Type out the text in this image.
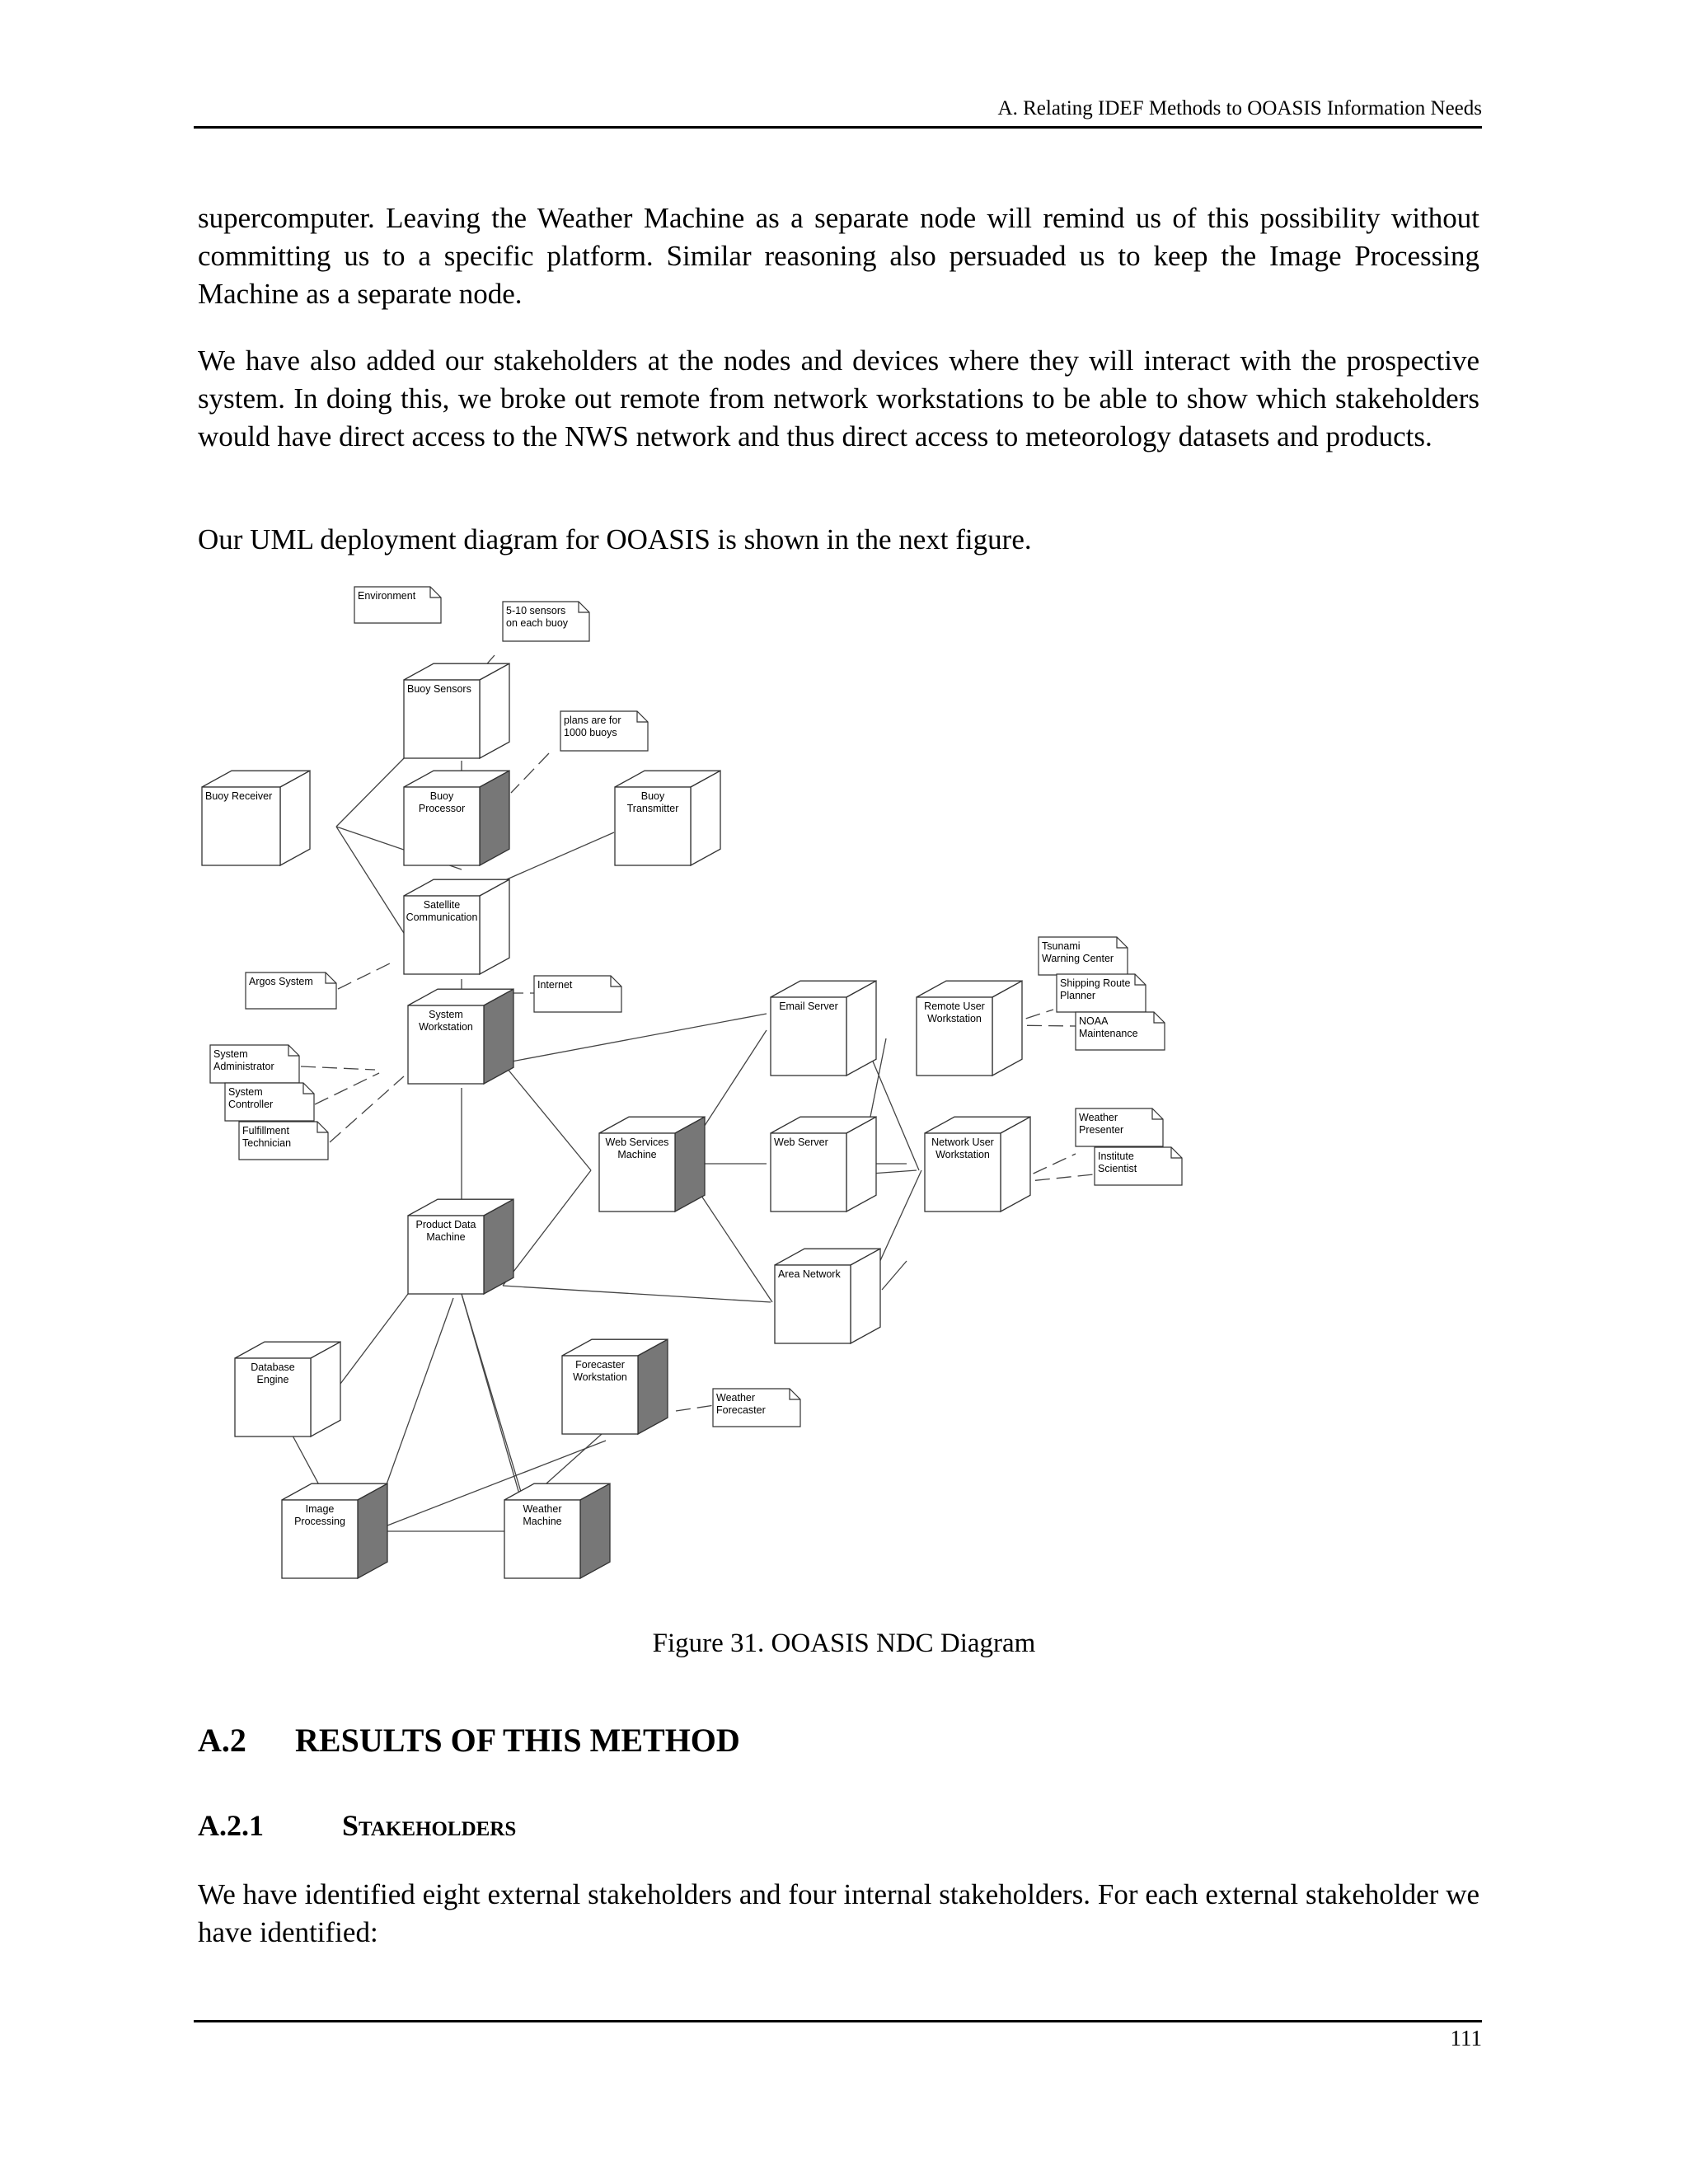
A. Relating IDEF Methods to OOASIS Information Needs

supercomputer. Leaving the Weather Machine as a separate node will remind us of this possibility without committing us to a specific platform. Similar reasoning also persuaded us to keep the Image Processing Machine as a separate node.

We have also added our stakeholders at the nodes and devices where they will interact with the prospective system. In doing this, we broke out remote from network workstations to be able to show which stakeholders would have direct access to the NWS network and thus direct access to meteorology datasets and products.

Our UML deployment diagram for OOASIS is shown in the next figure.

Buoy Sensors
Buoy Receiver	Buoy
Processor
Buoy
Transmitter
Satellite
Communication
System
Workstation
Email Server	Remote User
Workstation
Web Services
Machine
Web Server	Network User
Workstation
Product Data
Machine
Area Network
Database
Engine
Forecaster
Workstation
Image
Processing
Weather
Machine
Environment
5-10 sensors
on each buoy
plans are for
1000 buoys
Argos System	Internet
System
Administrator
System
Controller
Fulfillment
Technician
Tsunami
Warning Center
Shipping Route
Planner
NOAA
Maintenance
Weather
Presenter
Institute
Scientist
Weather
Forecaster
Figure 31. OOASIS NDC Diagram
A.2 RESULTS OF THIS METHOD
A.2.1	Stakeholders

We have identified eight external stakeholders and four internal stakeholders. For each external stakeholder we have identified:

111
